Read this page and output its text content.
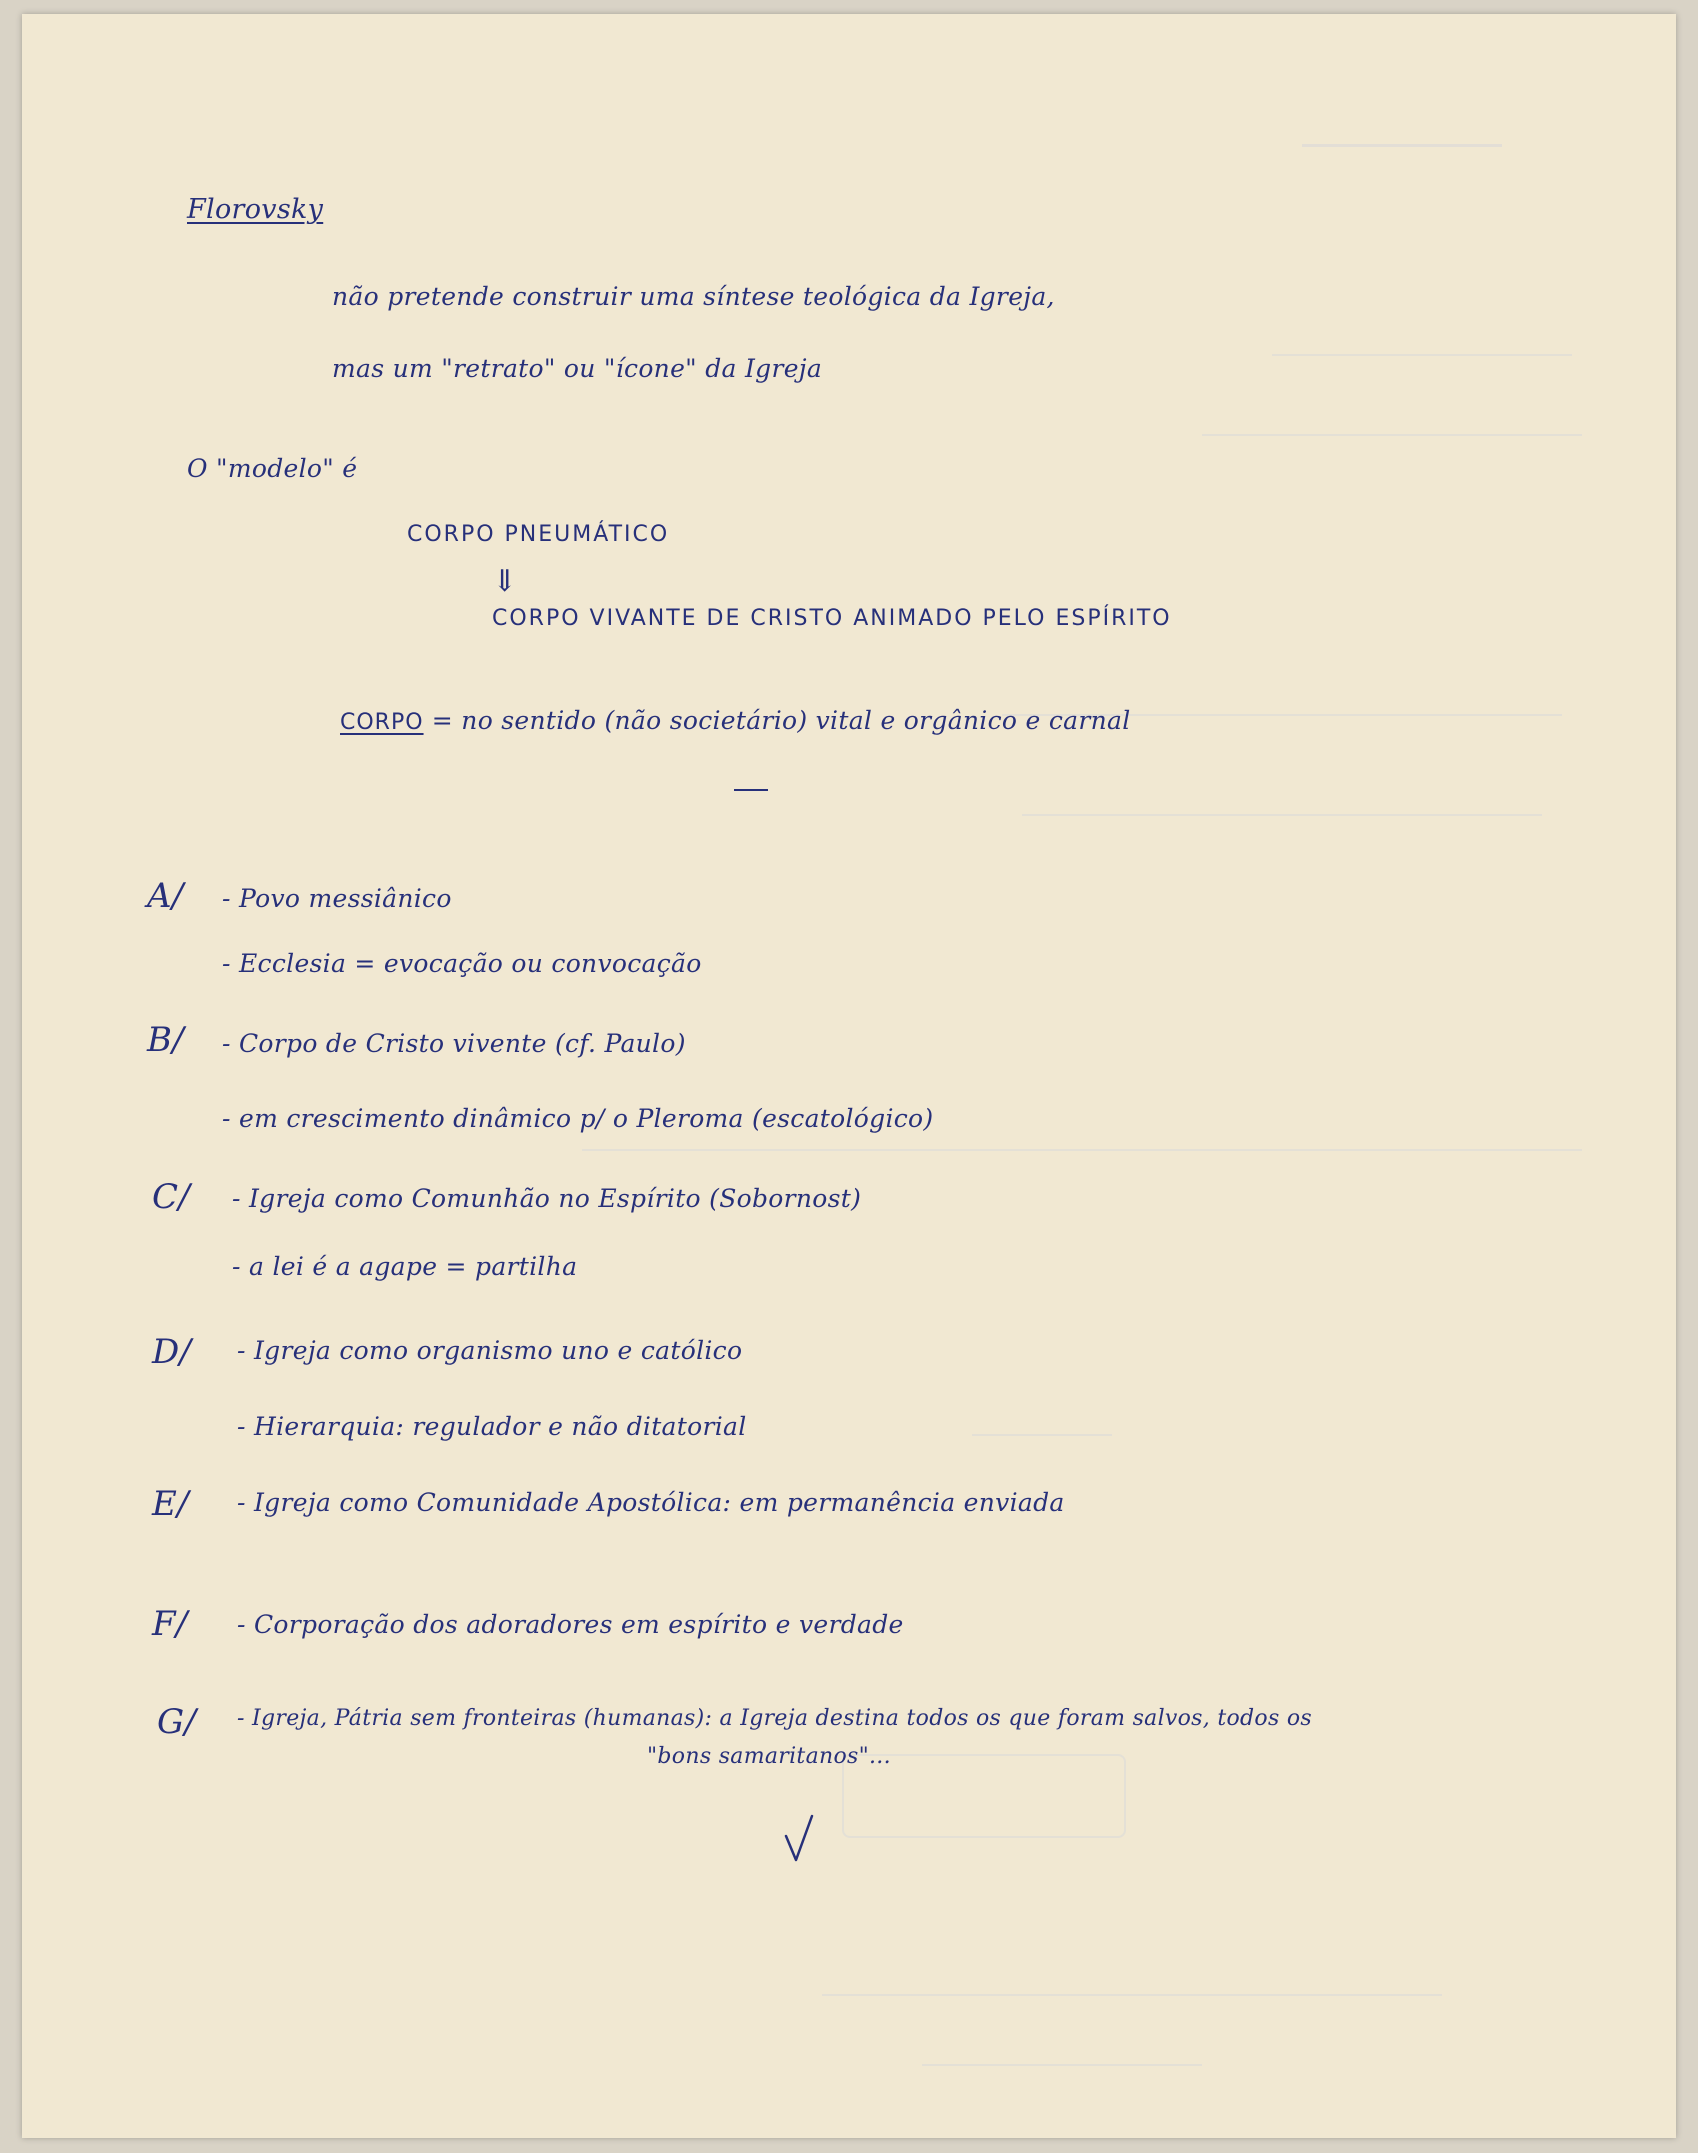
Florovsky
não pretende construir uma síntese teológica da Igreja,
mas um "retrato" ou "ícone" da Igreja
O "modelo" é
CORPO PNEUMÁTICO
⇓
CORPO VIVANTE DE CRISTO ANIMADO PELO ESPÍRITO
CORPO = no sentido (não societário) vital e orgânico e carnal
A/ - Povo messiânico
- Ecclesia = evocação ou convocação
B/ - Corpo de Cristo vivente (cf. Paulo)
- em crescimento dinâmico p/ o Pleroma (escatológico)
C/ - Igreja como Comunhão no Espírito (Sobornost)
- a lei é a agape = partilha
D/ - Igreja como organismo uno e católico
- Hierarquia: regulador e não ditatorial
E/ - Igreja como Comunidade Apostólica: em permanência enviada
F/ - Corporação dos adoradores em espírito e verdade
G/ - Igreja, Pátria sem fronteiras (humanas): a Igreja destina todos os que foram salvos, todos os
"bons samaritanos"...
